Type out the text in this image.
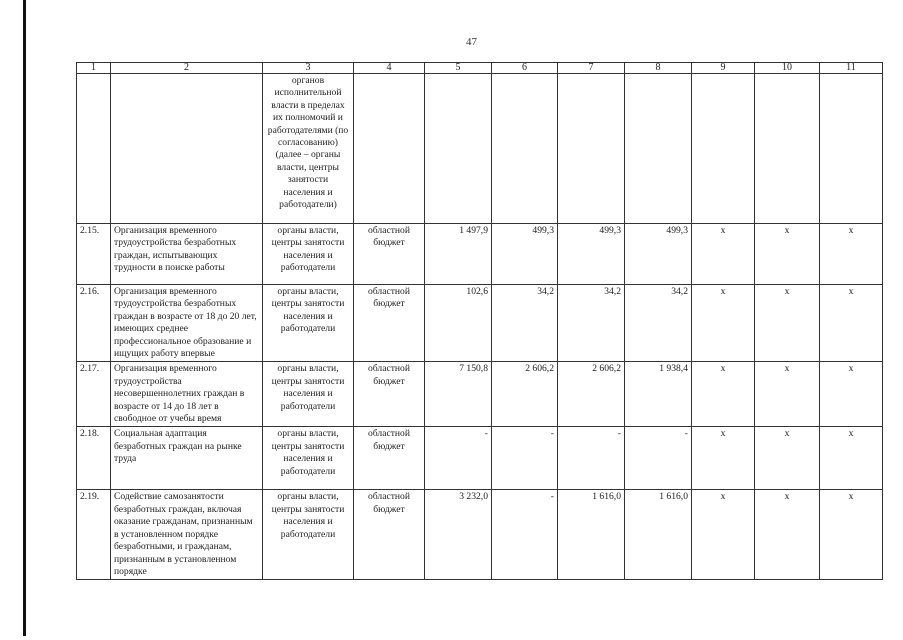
47
1	2	3	4	5	6	7	8	9	10	11
		органов исполнительной власти в пределах их полномочий и работодателями (по согласованию) (далее – органы власти, центры занятости населения и работодатели)								
2.15.	Организация временного трудоустройства безработных граждан, испытывающих трудности в поиске работы	органы власти, центры занятости населения и работодатели	областной бюджет	1 497,9	499,3	499,3	499,3	х	х	х
2.16.	Организация временного трудоустройства безработных граждан в возрасте от 18 до 20 лет, имеющих среднее профессиональное образование и ищущих работу впервые	органы власти, центры занятости населения и работодатели	областной бюджет	102,6	34,2	34,2	34,2	х	х	х
2.17.	Организация временного трудоустройства несовершеннолетних граждан в возрасте от 14 до 18 лет в свободное от учебы время	органы власти, центры занятости населения и работодатели	областной бюджет	7 150,8	2 606,2	2 606,2	1 938,4	х	х	х
2.18.	Социальная адаптация безработных граждан на рынке труда	органы власти, центры занятости населения и работодатели	областной бюджет	-	-	-	-	х	х	х
2.19.	Содействие самозанятости безработных граждан, включая оказание гражданам, признанным в установленном порядке безработными, и гражданам, признанным в установленном порядке	органы власти, центры занятости населения и работодатели	областной бюджет	3 232,0	-	1 616,0	1 616,0	х	х	х
